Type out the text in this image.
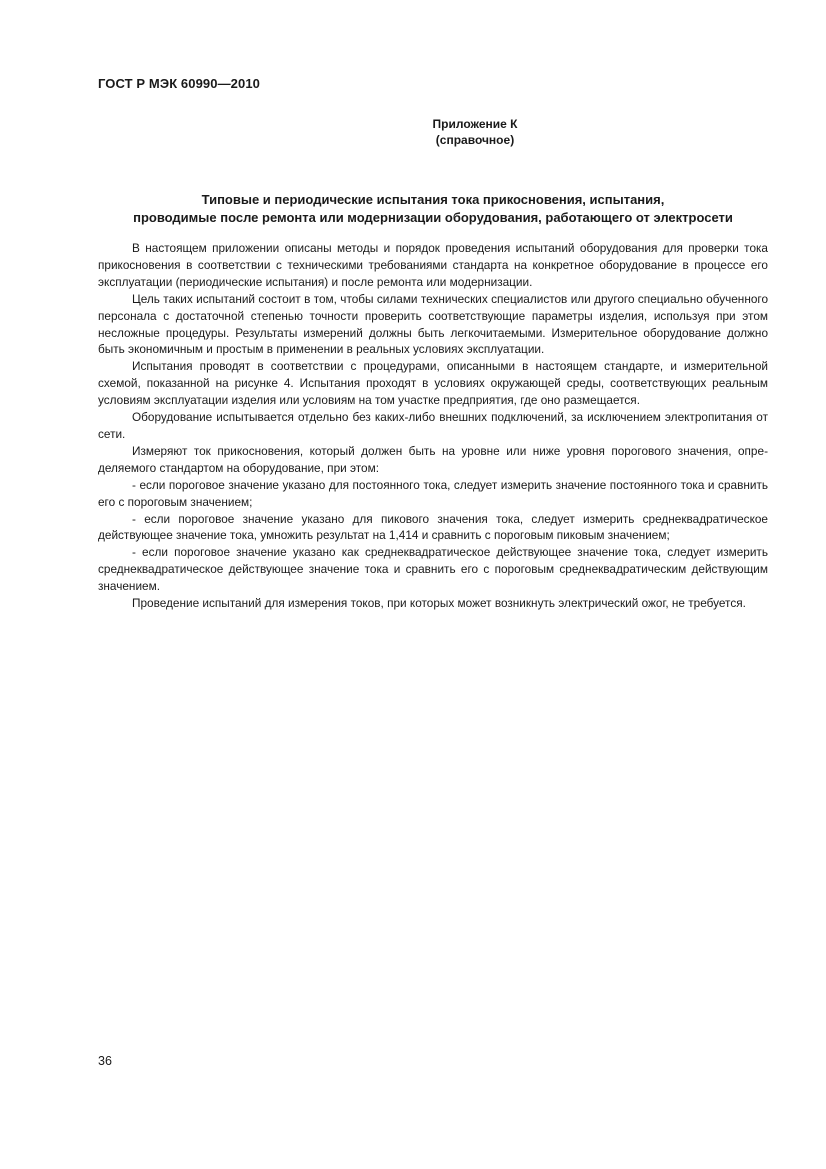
ГОСТ Р МЭК 60990—2010
Приложение К
(справочное)
Типовые и периодические испытания тока прикосновения, испытания,
проводимые после ремонта или модернизации оборудования, работающего от электросети

В настоящем приложении описаны методы и порядок проведения испытаний оборудования для проверки тока прикосновения в соответствии с техническими требованиями стандарта на конкретное оборудование в процессе его эксплуатации (периодические испытания) и после ремонта или модернизации.

Цель таких испытаний состоит в том, чтобы силами технических специалистов или другого специально обученного персонала с достаточной степенью точности проверить соответствующие параметры изделия, используя при этом несложные процедуры. Результаты измерений должны быть легкочитаемыми. Измерительное оборудование должно быть экономичным и простым в применении в реальных условиях эксплуатации.

Испытания проводят в соответствии с процедурами, описанными в настоящем стандарте, и измерительной схемой, показанной на рисунке 4. Испытания проходят в условиях окружающей среды, соответствующих реальным условиям эксплуатации изделия или условиям на том участке предприятия, где оно размещается.

Оборудование испытывается отдельно без каких-либо внешних подключений, за исключением электропитания от сети.

Измеряют ток прикосновения, который должен быть на уровне или ниже уровня порогового значения, определяемого стандартом на оборудование, при этом:

- если пороговое значение указано для постоянного тока, следует измерить значение постоянного тока и сравнить его с пороговым значением;

- если пороговое значение указано для пикового значения тока, следует измерить среднеквадратическое действующее значение тока, умножить результат на 1,414 и сравнить с пороговым пиковым значением;

- если пороговое значение указано как среднеквадратическое действующее значение тока, следует измерить среднеквадратическое действующее значение тока и сравнить его с пороговым среднеквадратическим действующим значением.

Проведение испытаний для измерения токов, при которых может возникнуть электрический ожог, не требуется.

36
